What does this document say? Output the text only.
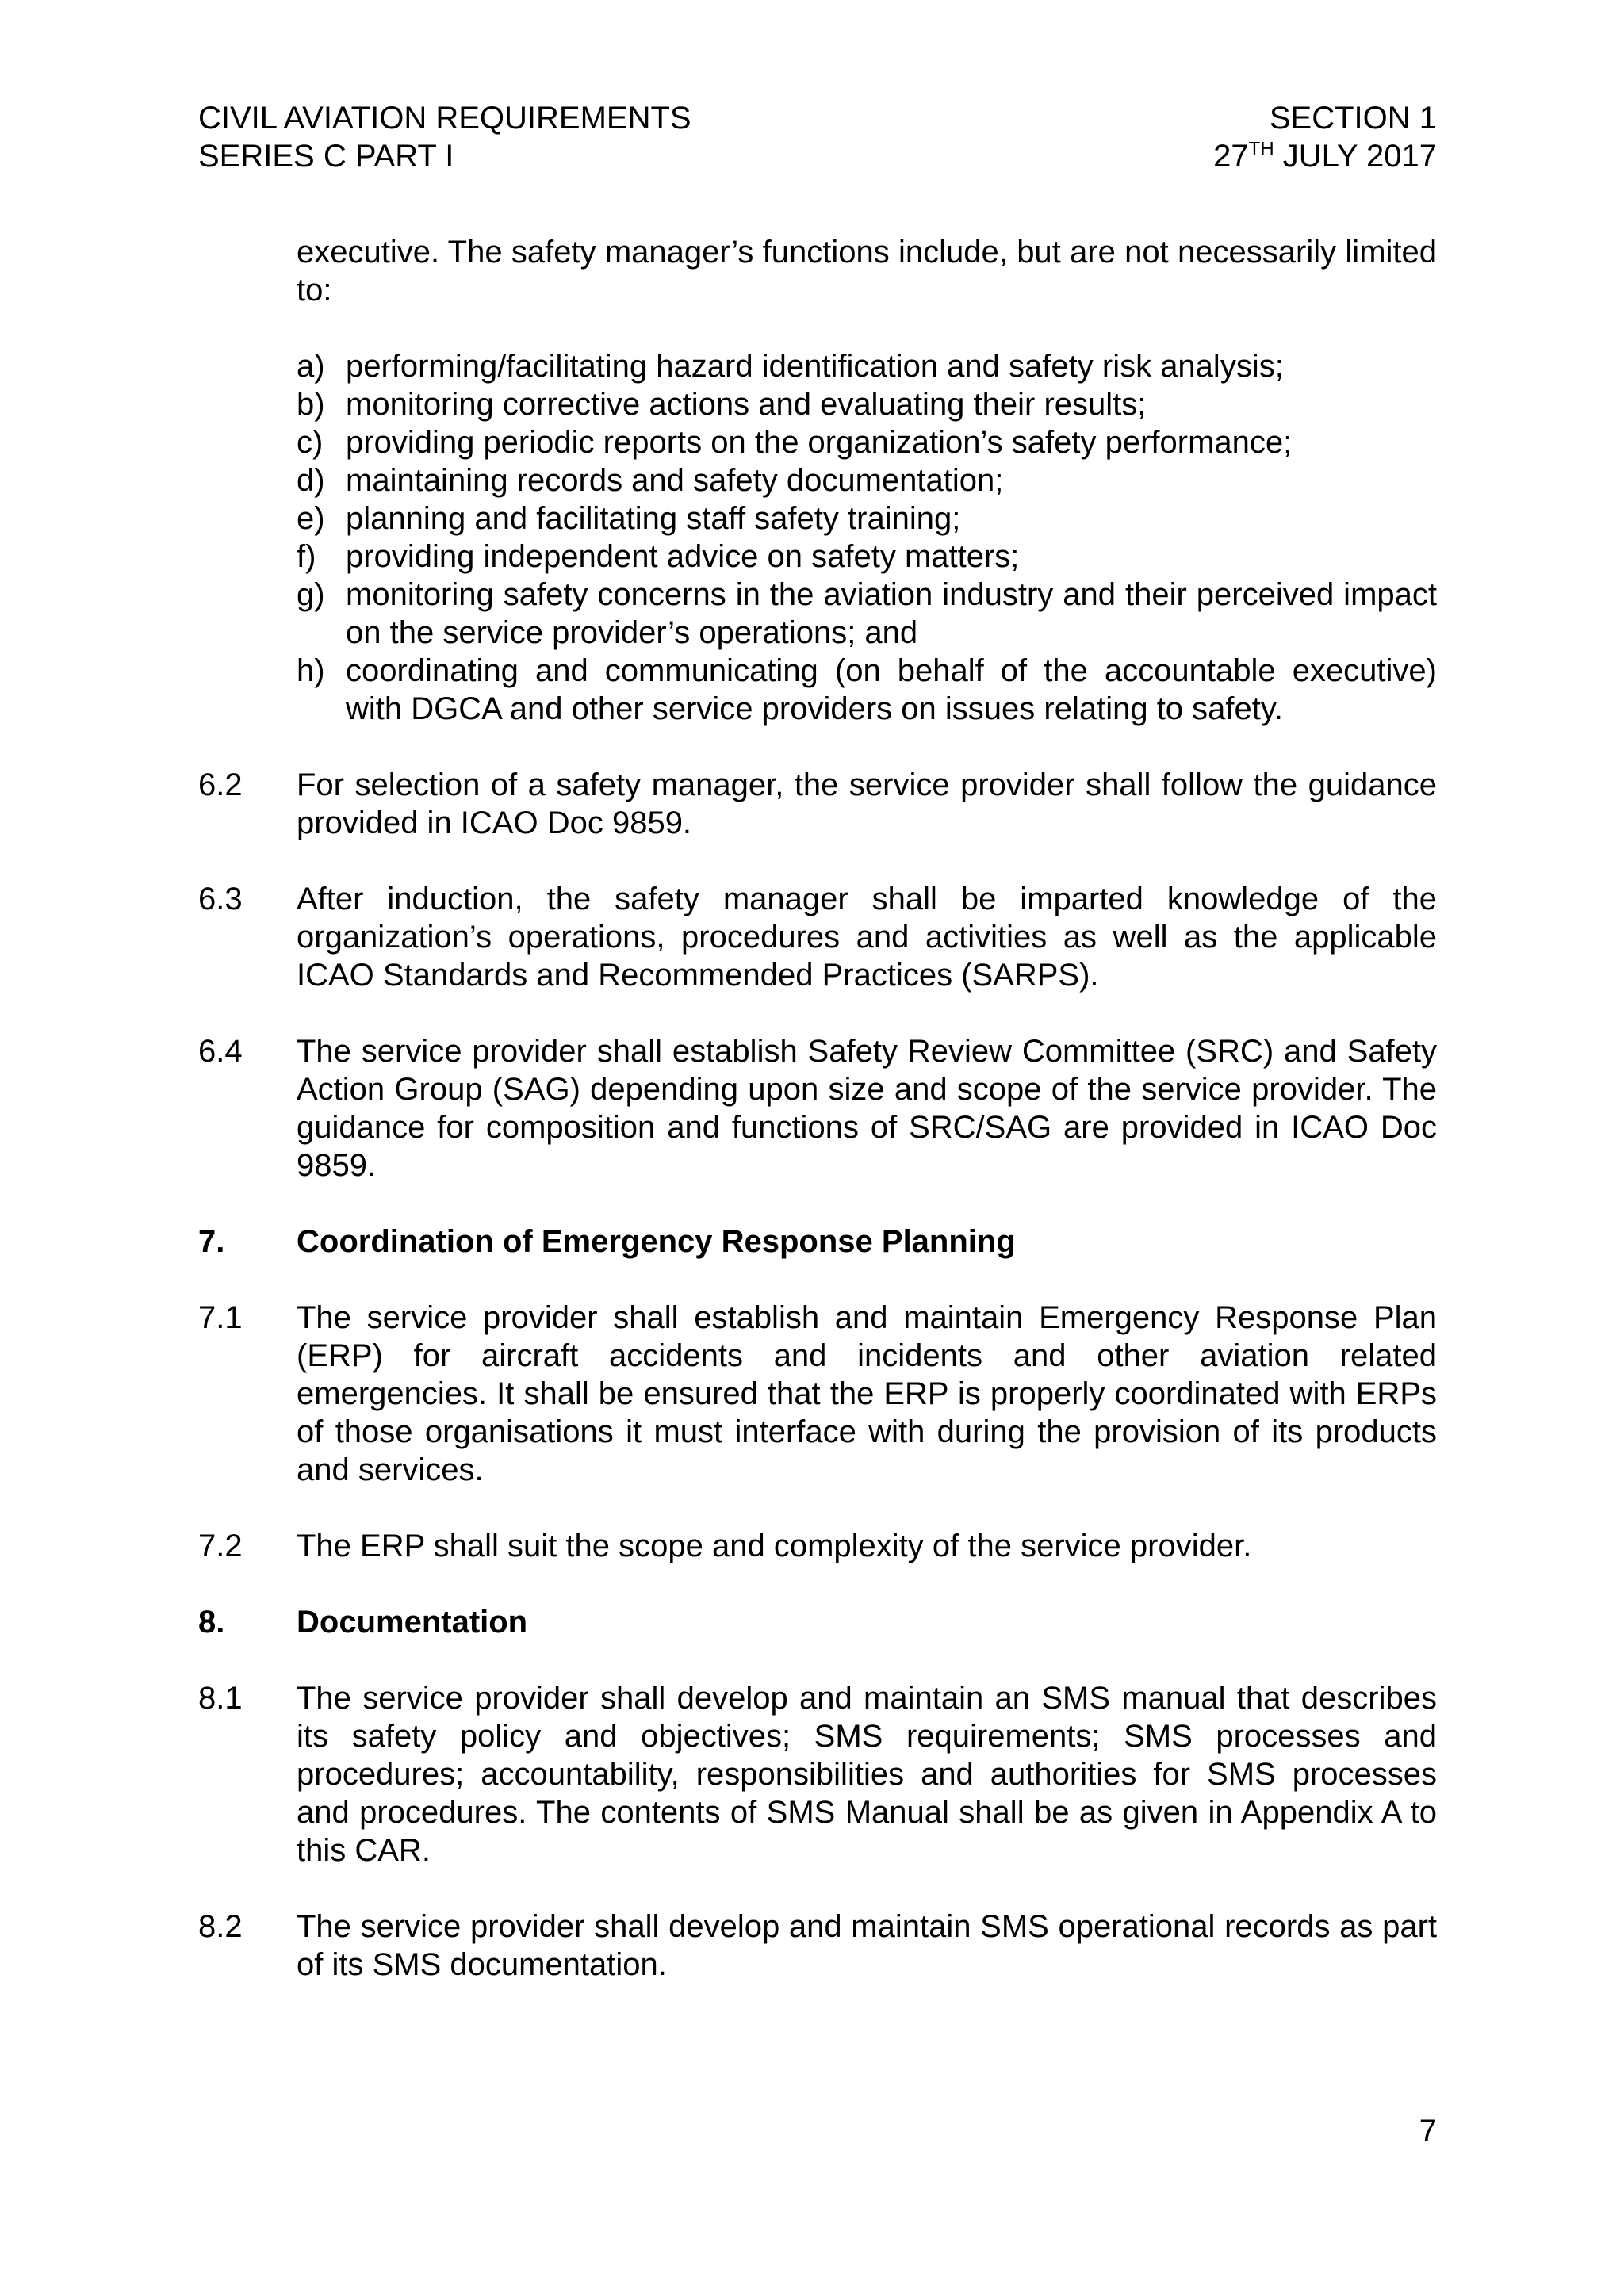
CIVIL AVIATION REQUIREMENTS
SERIES C PART I
SECTION 1
27TH JULY 2017
executive. The safety manager’s functions include, but are not necessarily limited to:
a) performing/facilitating hazard identification and safety risk analysis;
b) monitoring corrective actions and evaluating their results;
c) providing periodic reports on the organization’s safety performance;
d) maintaining records and safety documentation;
e) planning and facilitating staff safety training;
f) providing independent advice on safety matters;
g) monitoring safety concerns in the aviation industry and their perceived impact on the service provider’s operations; and
h) coordinating and communicating (on behalf of the accountable executive) with DGCA and other service providers on issues relating to safety.
6.2	For selection of a safety manager, the service provider shall follow the guidance provided in ICAO Doc 9859.
6.3	After induction, the safety manager shall be imparted knowledge of the organization’s operations, procedures and activities as well as the applicable ICAO Standards and Recommended Practices (SARPS).
6.4	The service provider shall establish Safety Review Committee (SRC) and Safety Action Group (SAG) depending upon size and scope of the service provider. The guidance for composition and functions of SRC/SAG are provided in ICAO Doc 9859.
7.	Coordination of Emergency Response Planning
7.1	The service provider shall establish and maintain Emergency Response Plan (ERP) for aircraft accidents and incidents and other aviation related emergencies. It shall be ensured that the ERP is properly coordinated with ERPs of those organisations it must interface with during the provision of its products and services.
7.2	The ERP shall suit the scope and complexity of the service provider.
8.	Documentation
8.1	The service provider shall develop and maintain an SMS manual that describes its safety policy and objectives; SMS requirements; SMS processes and procedures; accountability, responsibilities and authorities for SMS processes and procedures. The contents of SMS Manual shall be as given in Appendix A to this CAR.
8.2	The service provider shall develop and maintain SMS operational records as part of its SMS documentation.
7
